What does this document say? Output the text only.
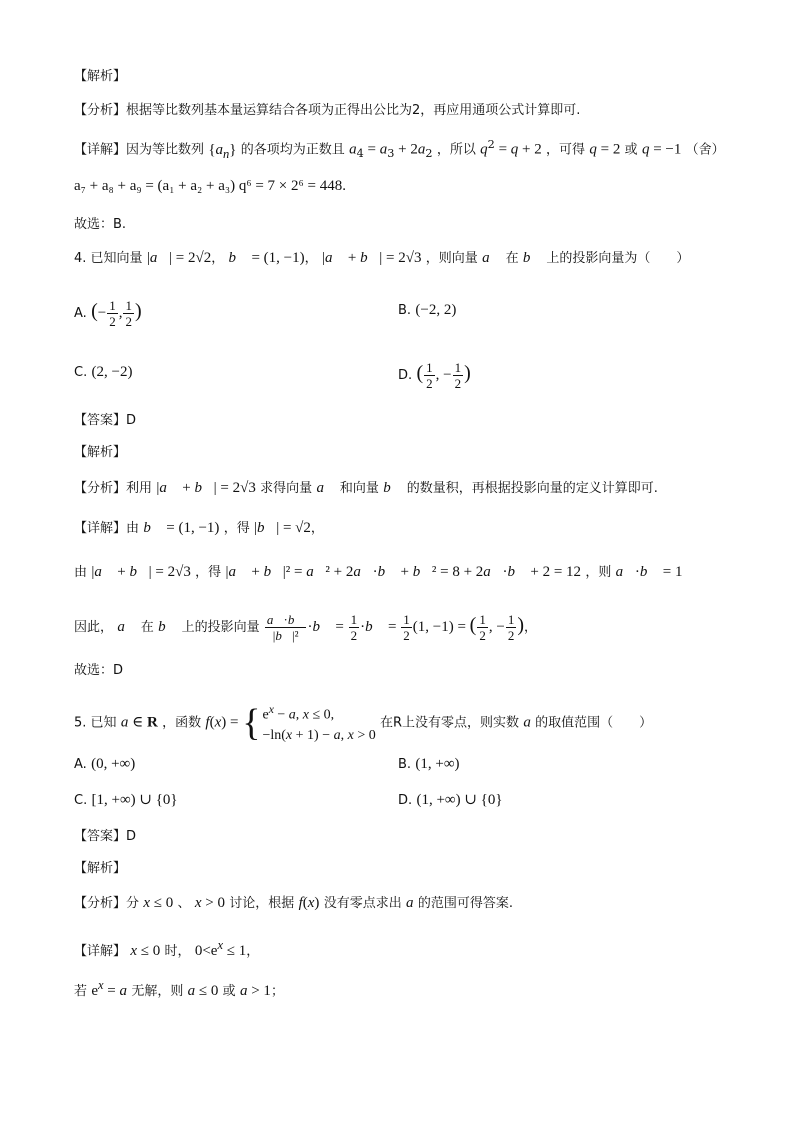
【解析】
【分析】根据等比数列基本量运算结合各项为正得出公比为2，再应用通项公式计算即可.
【详解】因为等比数列 $\{a_n\}$ 的各项均为正数且 $a_4 = a_3 + 2a_2$ ，所以 $q^2 = q + 2$ ，可得 q = 2 或 q = −1 （舍）
a₇ + a₈ + a₉ = (a₁ + a₂ + a₃) q⁶ = 7 × 2⁶ = 448.
故选：B.
4. 已知向量 |a⃗| = 2√2， b⃗ = (1, −1)， |a⃗ + b⃗| = 2√3 ，则向量 a⃗ 在 b⃗ 上的投影向量为（　　）
A. (− $\frac{1}{2}$ , $\frac{1}{2}$ )	B. (−2, 2)
C. (2, −2)	D. ( $\frac{1}{2}$ , − $\frac{1}{2}$ )
【答案】D
【解析】
【分析】利用 |a⃗ + b⃗| = 2√3 求得向量 a⃗ 和向量 b⃗ 的数量积，再根据投影向量的定义计算即可.
【详解】由 b⃗ = (1, −1) ，得 |b⃗| = √2，
由 |a⃗ + b⃗| = 2√3 ，得 |a⃗ + b⃗|² = a⃗² + 2a⃗·b⃗ + b⃗² = 8 + 2a⃗·b⃗ + 2 = 12 ，则 a⃗·b⃗ = 1
因此， a⃗ 在 b⃗ 上的投影向量 $\frac{a⃗\cdot b⃗}{\text{|b⃗|²}}$ ·b⃗ = $\frac{1}{2}$ ·b⃗ = $\frac{1}{2} (1$, −1) = ( $\frac{1}{2}$ , − $\frac{1}{2}$ )，
故选：D
5. 已知 a ∈ R ，函数 f(x) = { $e^x - a$, x ≤ 0,
−ln(x + 1) − a, x > 0
在R上没有零点，则实数 a 的取值范围（　　）
A. (0, +∞)	B. (1, +∞)
C. [1, +∞) ∪ {0}	D. (1, +∞) ∪ {0}
【答案】D
【解析】
【分析】分 x ≤ 0 、 x > 0 讨论，根据 f(x) 没有零点求出 a 的范围可得答案.
【详解】 x ≤ 0 时， $0<e^x \le 1$，
若 $e^x = a$ 无解，则 a ≤ 0 或 a > 1；
